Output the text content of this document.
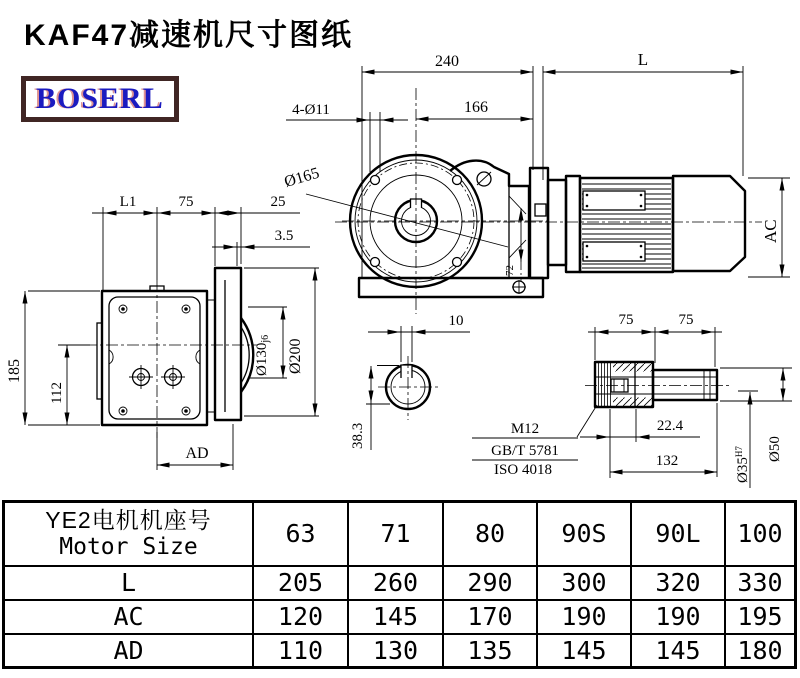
KAF47减速机尺寸图纸
BOSERL
240	L
166
4-Ø11
Ø165
72
AC
L1	75	25
3.5
185
112
Ø130j6 Ø200
AD
10
38.3	M12
GB/T 5781
ISO 4018
75	75
22.4
132	Ø50
$Ø35^{H7}$
YE2电机机座号
Motor Size	63	71	80	90S	90L	100
L	205	260	290	300	320	330
AC	120	145	170	190	190	195
AD	110	130	135	145	145	180
